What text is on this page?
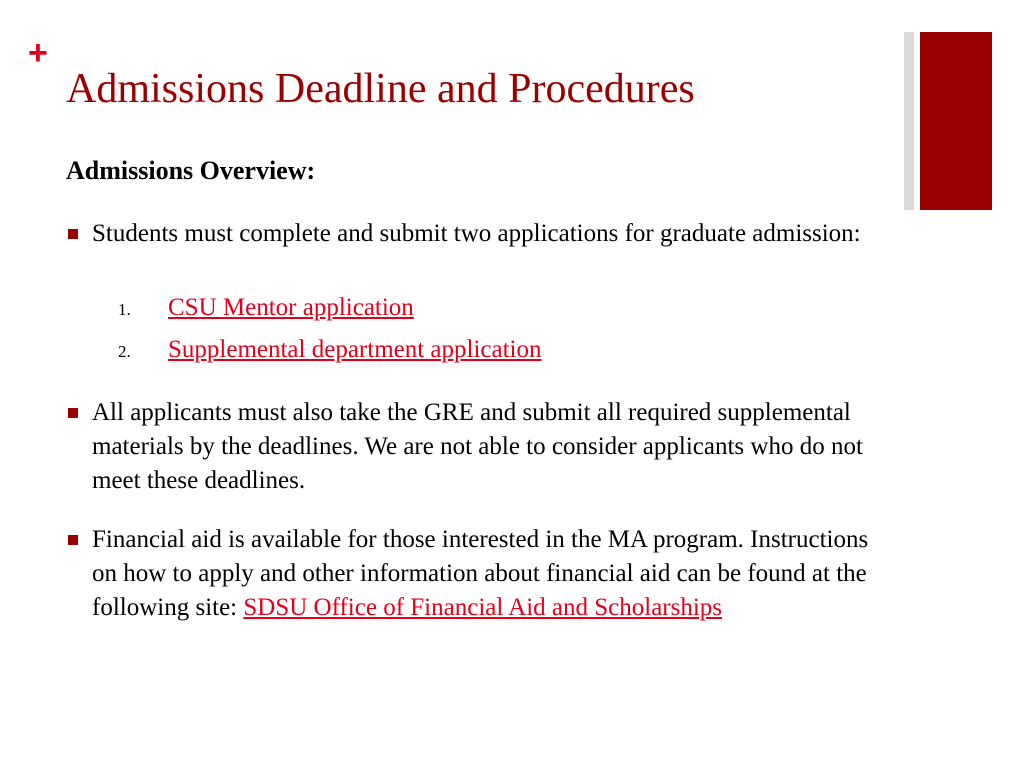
+
Admissions Deadline and Procedures
Admissions Overview:
Students must complete and submit two applications for graduate admission:
1. CSU Mentor application
2. Supplemental department application
All applicants must also take the GRE and submit all required supplemental materials by the deadlines. We are not able to consider applicants who do not meet these deadlines.
Financial aid is available for those interested in the MA program. Instructions on how to apply and other information about financial aid can be found at the following site: SDSU Office of Financial Aid and Scholarships
